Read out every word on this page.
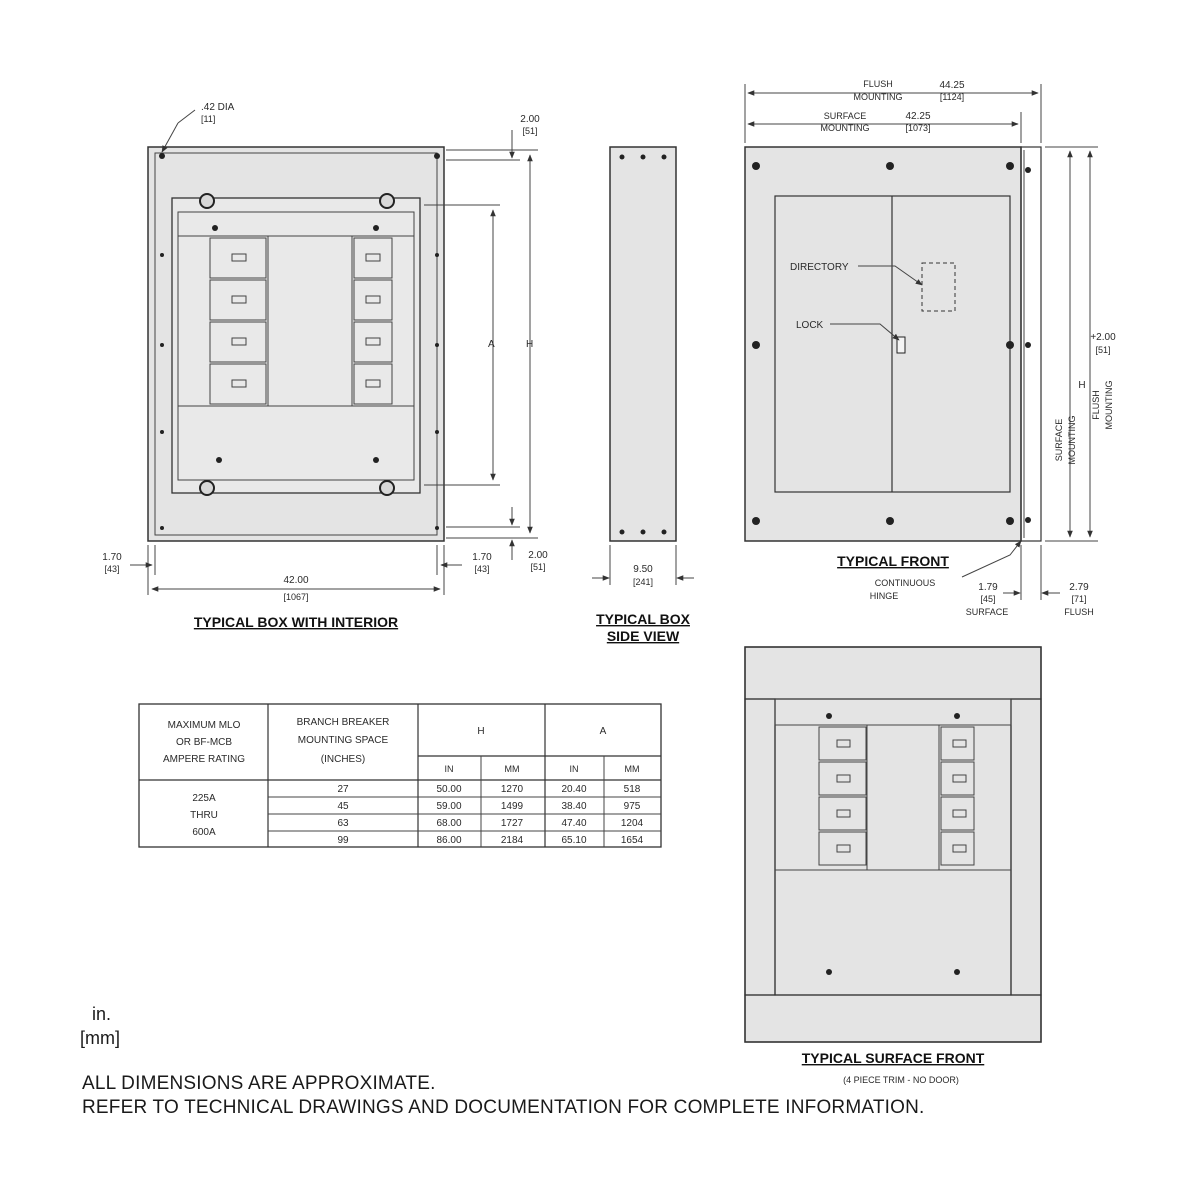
.42 DIA
[11]	2.00
[51]
A	H
2.00
[51]
1.70
[43]
1.70
[43]
42.00
[1067]
TYPICAL BOX WITH INTERIOR
9.50
[241]
TYPICAL BOX
SIDE VIEW
DIRECTORY
LOCK
FLUSH
MOUNTING
44.25
[1124]
SURFACE
MOUNTING
42.25
[1073]
+2.00
[51]
H
SURFACE MOUNTING
FLUSH MOUNTING
TYPICAL FRONT
CONTINUOUS
HINGE
1.79
[45]
SURFACE
2.79
[71]
FLUSH
TYPICAL SURFACE FRONT
(4 PIECE TRIM - NO DOOR)
MAXIMUM MLO
OR BF-MCB
AMPERE RATING
BRANCH BREAKER
MOUNTING SPACE
(INCHES)
H	A
IN	MM	IN	MM
225A
THRU
600A
27	50.00	1270	20.40	518
45	59.00	1499	38.40	975
63	68.00	1727	47.40	1204
99	86.00	2184	65.10	1654
in.
[mm]
ALL DIMENSIONS ARE APPROXIMATE.
REFER TO TECHNICAL DRAWINGS AND DOCUMENTATION FOR COMPLETE INFORMATION.
